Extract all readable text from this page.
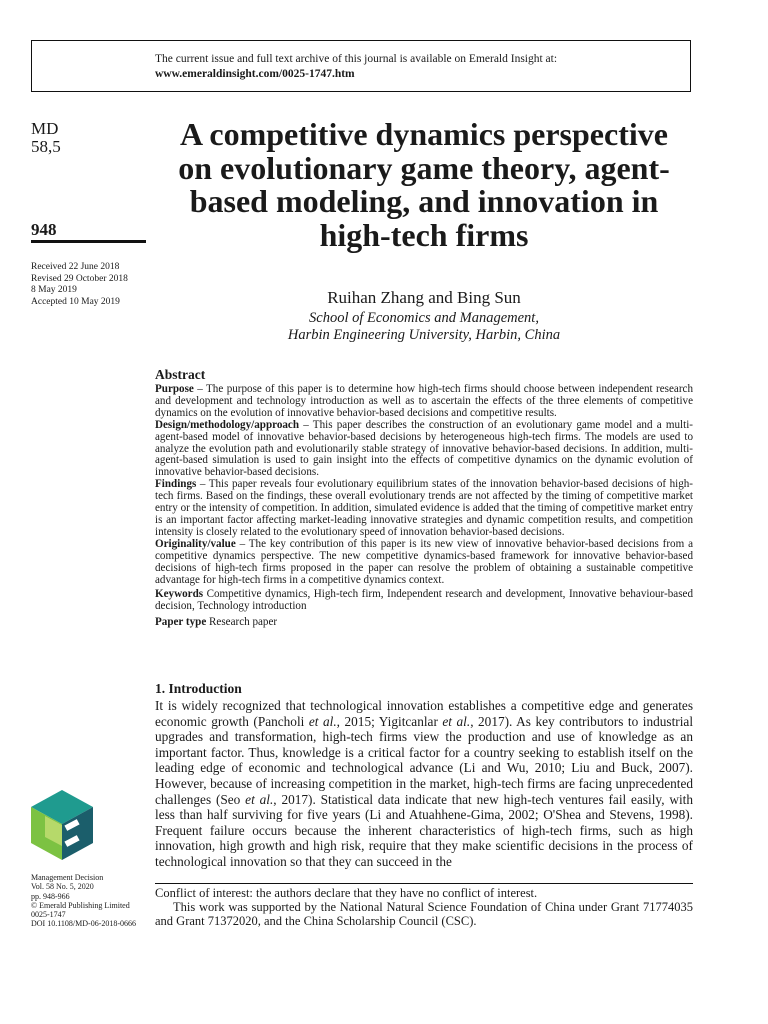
The current issue and full text archive of this journal is available on Emerald Insight at:
www.emeraldinsight.com/0025-1747.htm
MD
58,5
948
Received 22 June 2018
Revised 29 October 2018
8 May 2019
Accepted 10 May 2019
A competitive dynamics perspective on evolutionary game theory, agent-based modeling, and innovation in high-tech firms
Ruihan Zhang and Bing Sun
School of Economics and Management,
Harbin Engineering University, Harbin, China
Abstract

Purpose – The purpose of this paper is to determine how high-tech firms should choose between independent research and development and technology introduction as well as to ascertain the effects of the three elements of competitive dynamics on the evolution of innovative behavior-based decisions and competitive results.

Design/methodology/approach – This paper describes the construction of an evolutionary game model and a multi-agent-based model of innovative behavior-based decisions by heterogeneous high-tech firms. The models are used to analyze the evolution path and evolutionarily stable strategy of innovative behavior-based decisions. In addition, multi-agent-based simulation is used to gain insight into the effects of competitive dynamics on the dynamic evolution of innovative behavior-based decisions.

Findings – This paper reveals four evolutionary equilibrium states of the innovation behavior-based decisions of high-tech firms. Based on the findings, these overall evolutionary trends are not affected by the timing of competitive market entry or the intensity of competition. In addition, simulated evidence is added that the timing of competitive market entry is an important factor affecting market-leading innovative strategies and dynamic competition results, and competition intensity is closely related to the evolutionary speed of innovation behavior-based decisions.

Originality/value – The key contribution of this paper is its new view of innovative behavior-based decisions from a competitive dynamics perspective. The new competitive dynamics-based framework for innovative behavior-based decisions of high-tech firms proposed in the paper can resolve the problem of obtaining a sustainable competitive advantage for high-tech firms in a competitive dynamics context.

Keywords Competitive dynamics, High-tech firm, Independent research and development, Innovative behaviour-based decision, Technology introduction

Paper type Research paper

1. Introduction

It is widely recognized that technological innovation establishes a competitive edge and generates economic growth (Pancholi et al., 2015; Yigitcanlar et al., 2017). As key contributors to industrial upgrades and transformation, high-tech firms view the production and use of knowledge as an important factor. Thus, knowledge is a critical factor for a country seeking to establish itself on the leading edge of economic and technological advance (Li and Wu, 2010; Liu and Buck, 2007). However, because of increasing competition in the market, high-tech firms are facing unprecedented challenges (Seo et al., 2017). Statistical data indicate that new high-tech ventures fail easily, with less than half surviving for five years (Li and Atuahhene-Gima, 2002; O'Shea and Stevens, 1998). Frequent failure occurs because the inherent characteristics of high-tech firms, such as high innovation, high growth and high risk, require that they make scientific decisions in the process of technological innovation so that they can succeed in the

Management Decision
Vol. 58 No. 5, 2020
pp. 948-966
© Emerald Publishing Limited
0025-1747
DOI 10.1108/MD-06-2018-0666

Conflict of interest: the authors declare that they have no conflict of interest.

This work was supported by the National Natural Science Foundation of China under Grant 71774035 and Grant 71372020, and the China Scholarship Council (CSC).
